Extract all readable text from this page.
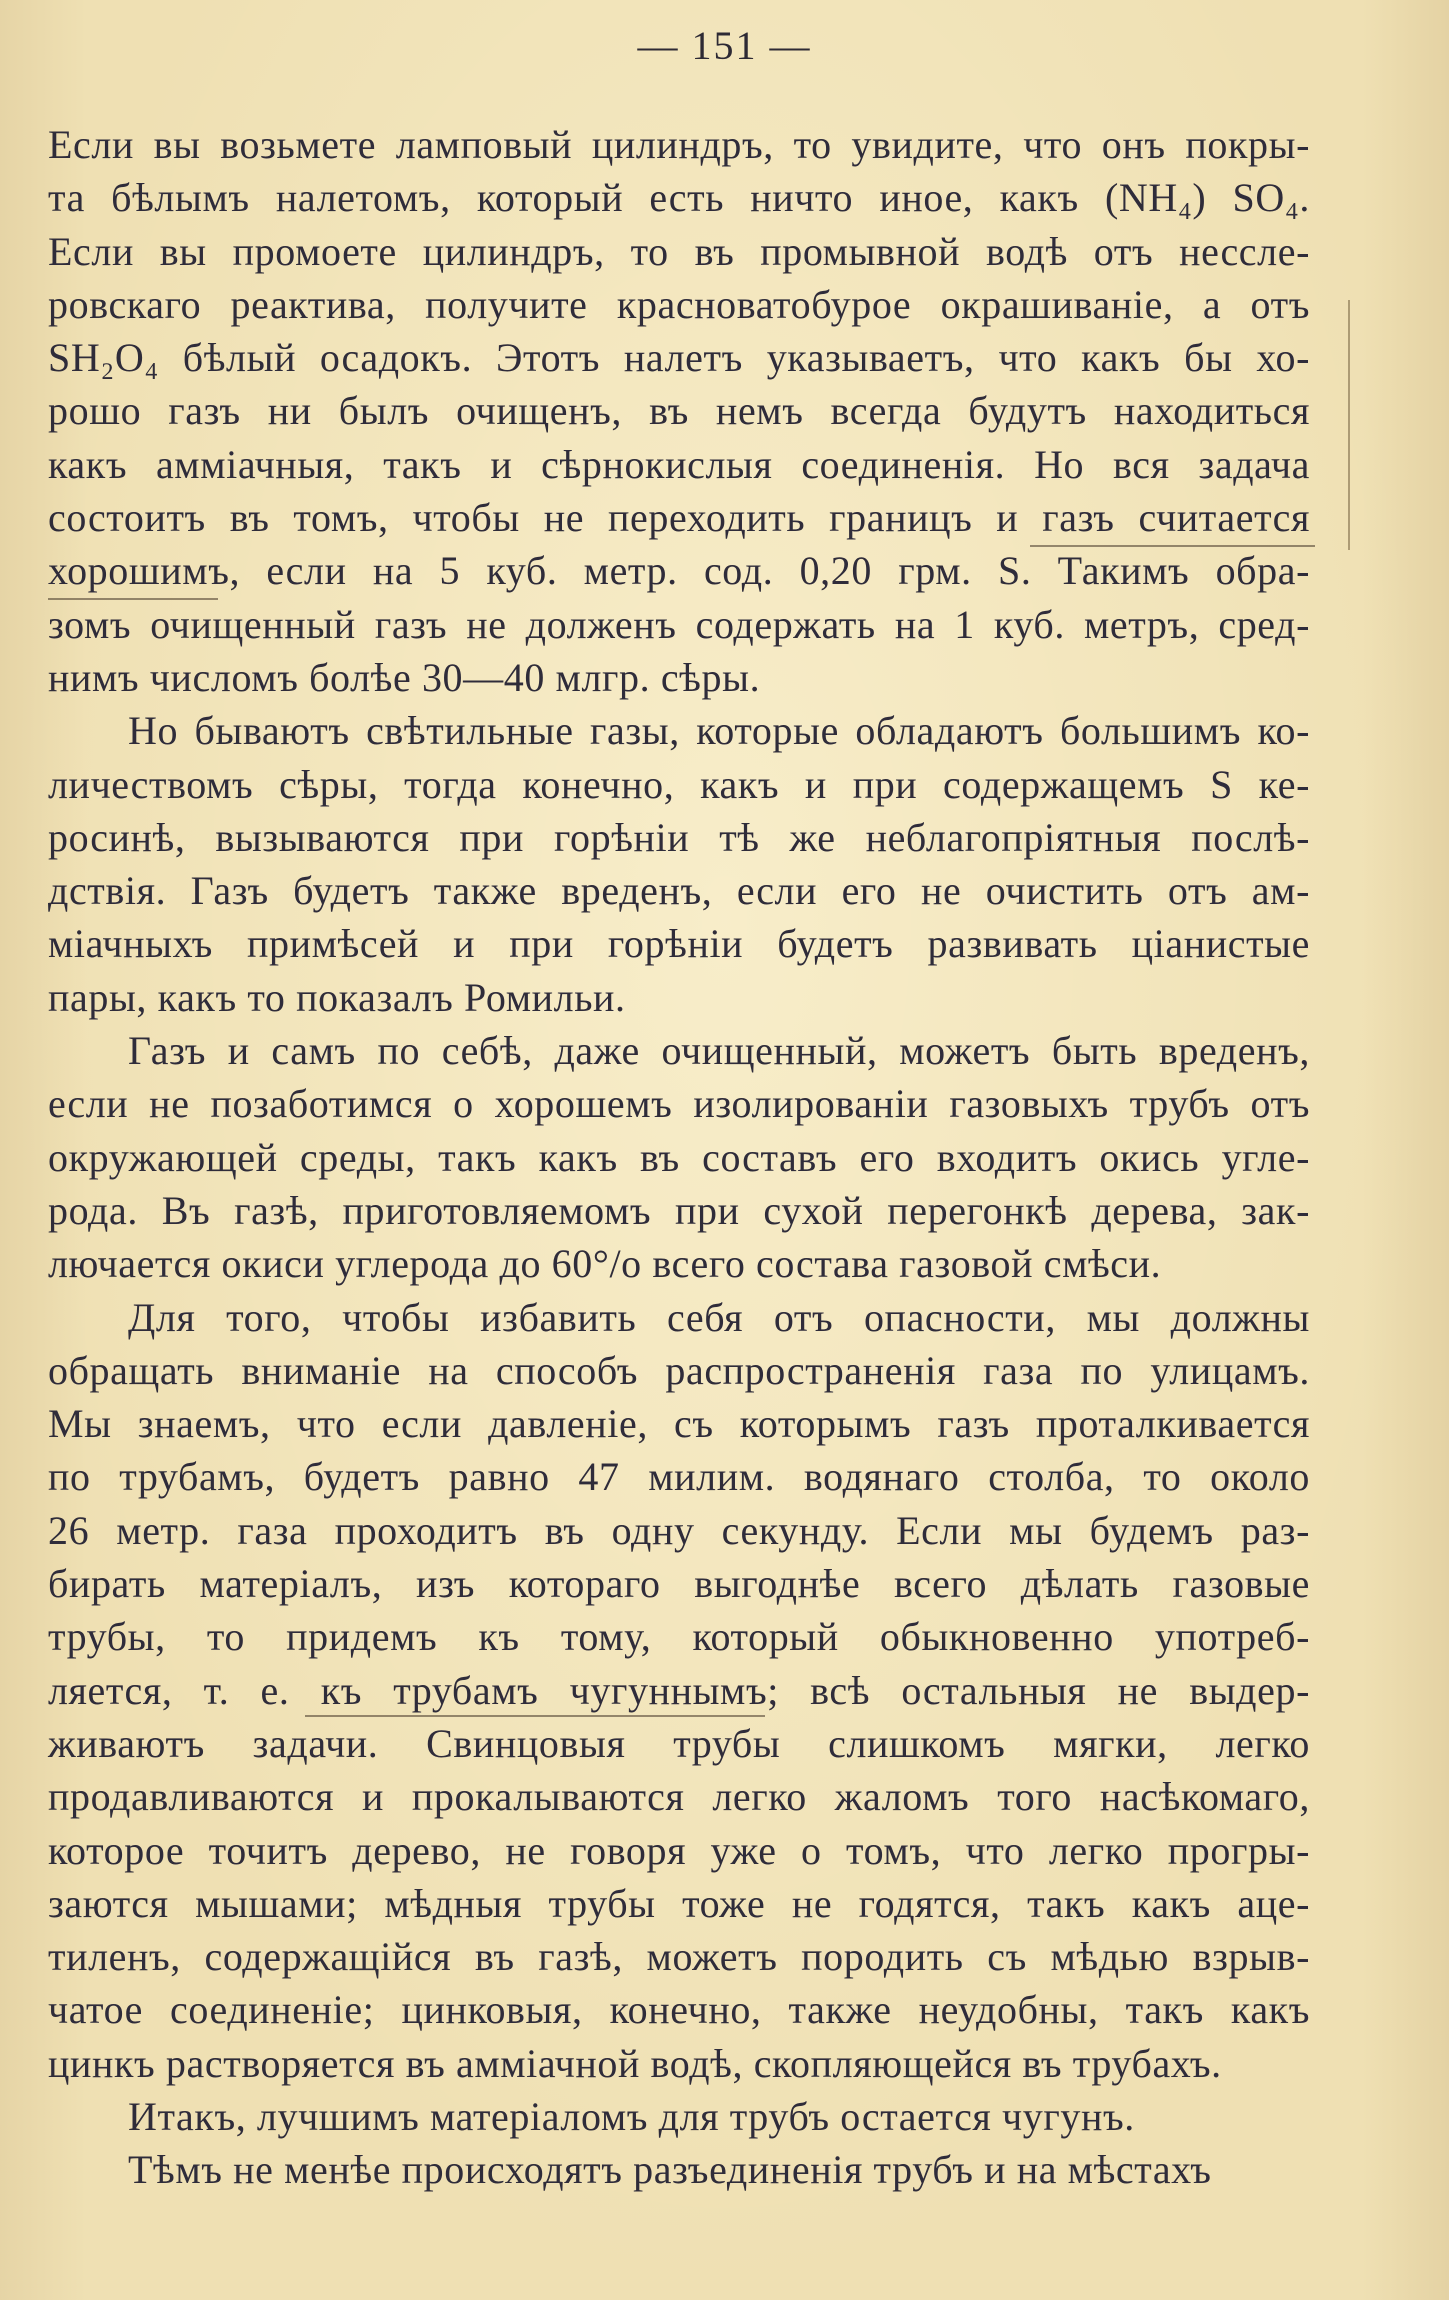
— 151 —
Если вы возьмете ламповый цилиндръ, то увидите, что онъ покры-
та бѣлымъ налетомъ, который есть ничто иное, какъ (NH₄) SO₄.
Если вы промоете цилиндръ, то въ промывной водѣ отъ несслe-
ровскаго реактива, получите красноватобурое окрашиваніе, а отъ
SH₂O₄ бѣлый осадокъ. Этотъ налетъ указываетъ, что какъ бы хо-
рошо газъ ни былъ очищенъ, въ немъ всегда будутъ находиться
какъ амміачныя, такъ и сѣрнокислыя соединенія. Но вся задача
состоитъ въ томъ, чтобы не переходить границъ и газъ считается
хорошимъ, если на 5 куб. метр. сод. 0,20 грм. S. Такимъ обра-
зомъ очищенный газъ не долженъ содержать на 1 куб. метръ, сред-
нимъ числомъ болѣе 30—40 млгр. сѣры.
Но бываютъ свѣтильные газы, которые обладаютъ большимъ ко-
личествомъ сѣры, тогда конечно, какъ и при содержащемъ S ке-
росинѣ, вызываются при горѣніи тѣ же неблагопріятныя послѣ-
дствія. Газъ будетъ также вреденъ, если его не очистить отъ ам-
міачныхъ примѣсей и при горѣніи будетъ развивать ціанистые
пары, какъ то показалъ Ромильи.
Газъ и самъ по себѣ, даже очищенный, можетъ быть вреденъ,
если не позаботимся о хорошемъ изолированіи газовыхъ трубъ отъ
окружающей среды, такъ какъ въ составъ его входитъ окись угле-
рода. Въ газѣ, приготовляемомъ при сухой перегонкѣ дерева, зак-
лючается окиси углерода до 60°/о всего состава газовой смѣси.
Для того, чтобы избавить себя отъ опасности, мы должны
обращать вниманіе на способъ распространенія газа по улицамъ.
Мы знаемъ, что если давленіе, съ которымъ газъ проталкивается
по трубамъ, будетъ равно 47 милим. водянаго столба, то около
26 метр. газа проходитъ въ одну секунду. Если мы будемъ раз-
бирать матеріалъ, изъ котораго выгоднѣе всего дѣлать газовые
трубы, то придемъ къ тому, который обыкновенно употреб-
ляется, т. е. къ трубамъ чугуннымъ; всѣ остальныя не выдер-
живаютъ задачи. Свинцовыя трубы слишкомъ мягки, легко
продавливаются и прокалываются легко жаломъ того насѣкомаго,
которое точитъ дерево, не говоря уже о томъ, что легко прогры-
заются мышами; мѣдныя трубы тоже не годятся, такъ какъ аце-
тиленъ, содержащійся въ газѣ, можетъ породить съ мѣдью взрыв-
чатое соединеніе; цинковыя, конечно, также неудобны, такъ какъ
цинкъ растворяется въ амміачной водѣ, скопляющейся въ трубахъ.
Итакъ, лучшимъ матеріаломъ для трубъ остается чугунъ.
Тѣмъ не менѣе происходятъ разъединенія трубъ и на мѣстахъ
